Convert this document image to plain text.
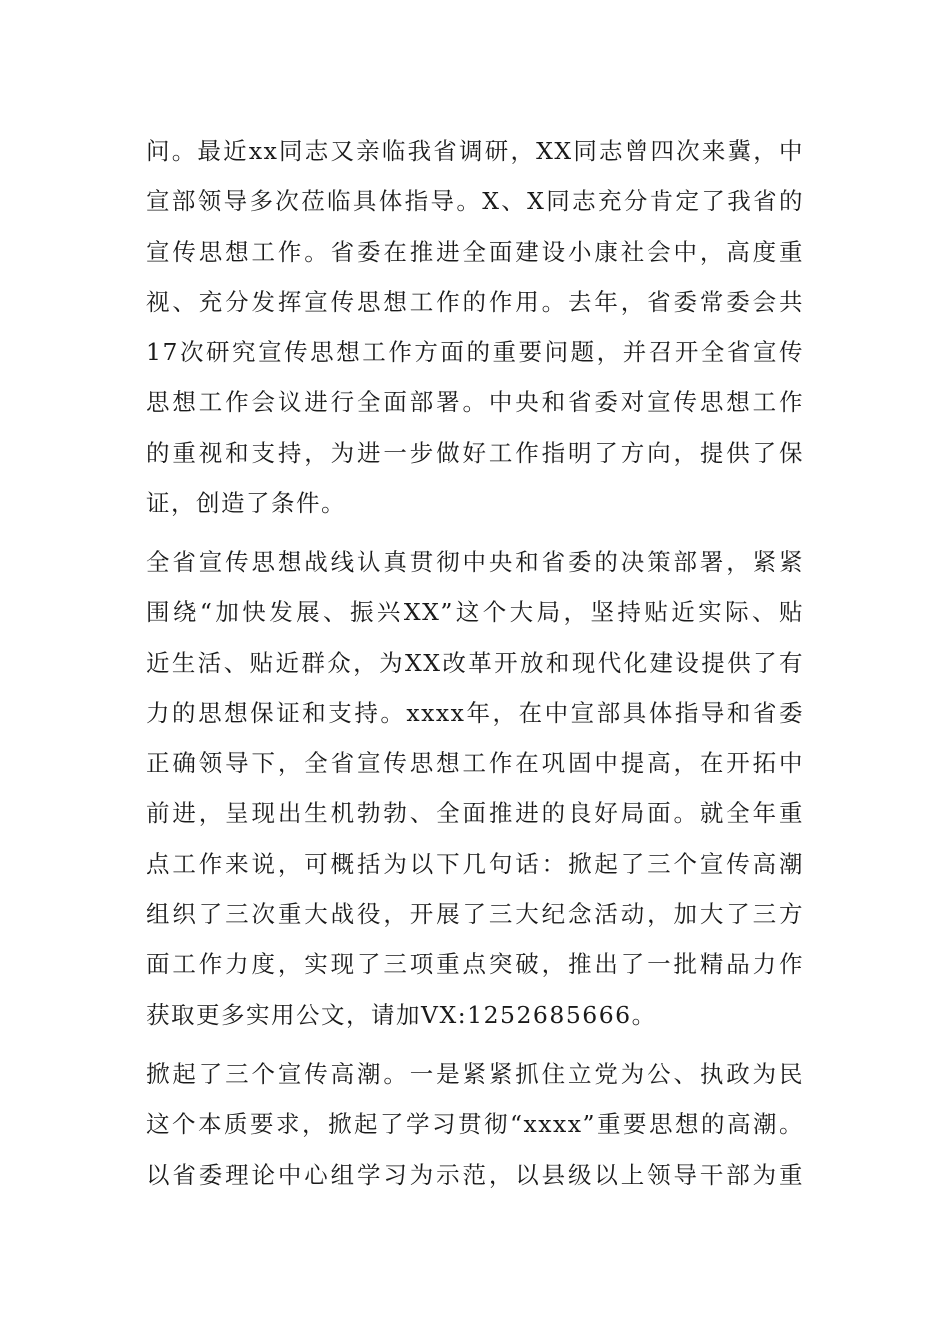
问。最近xx同志又亲临我省调研，XX同志曾四次来冀，中
宣部领导多次莅临具体指导。X、X同志充分肯定了我省的
宣传思想工作。省委在推进全面建设小康社会中，高度重
视、充分发挥宣传思想工作的作用。去年，省委常委会共
17次研究宣传思想工作方面的重要问题，并召开全省宣传
思想工作会议进行全面部署。中央和省委对宣传思想工作
的重视和支持，为进一步做好工作指明了方向，提供了保
证，创造了条件。
全省宣传思想战线认真贯彻中央和省委的决策部署，紧紧
围绕“加快发展、振兴XX”这个大局，坚持贴近实际、贴
近生活、贴近群众，为XX改革开放和现代化建设提供了有
力的思想保证和支持。xxxx年，在中宣部具体指导和省委
正确领导下，全省宣传思想工作在巩固中提高，在开拓中
前进，呈现出生机勃勃、全面推进的良好局面。就全年重
点工作来说，可概括为以下几句话：掀起了三个宣传高潮
组织了三次重大战役，开展了三大纪念活动，加大了三方
面工作力度，实现了三项重点突破，推出了一批精品力作
获取更多实用公文，请加VX:1252685666。
掀起了三个宣传高潮。一是紧紧抓住立党为公、执政为民
这个本质要求，掀起了学习贯彻“xxxx”重要思想的高潮。
以省委理论中心组学习为示范，以县级以上领导干部为重
